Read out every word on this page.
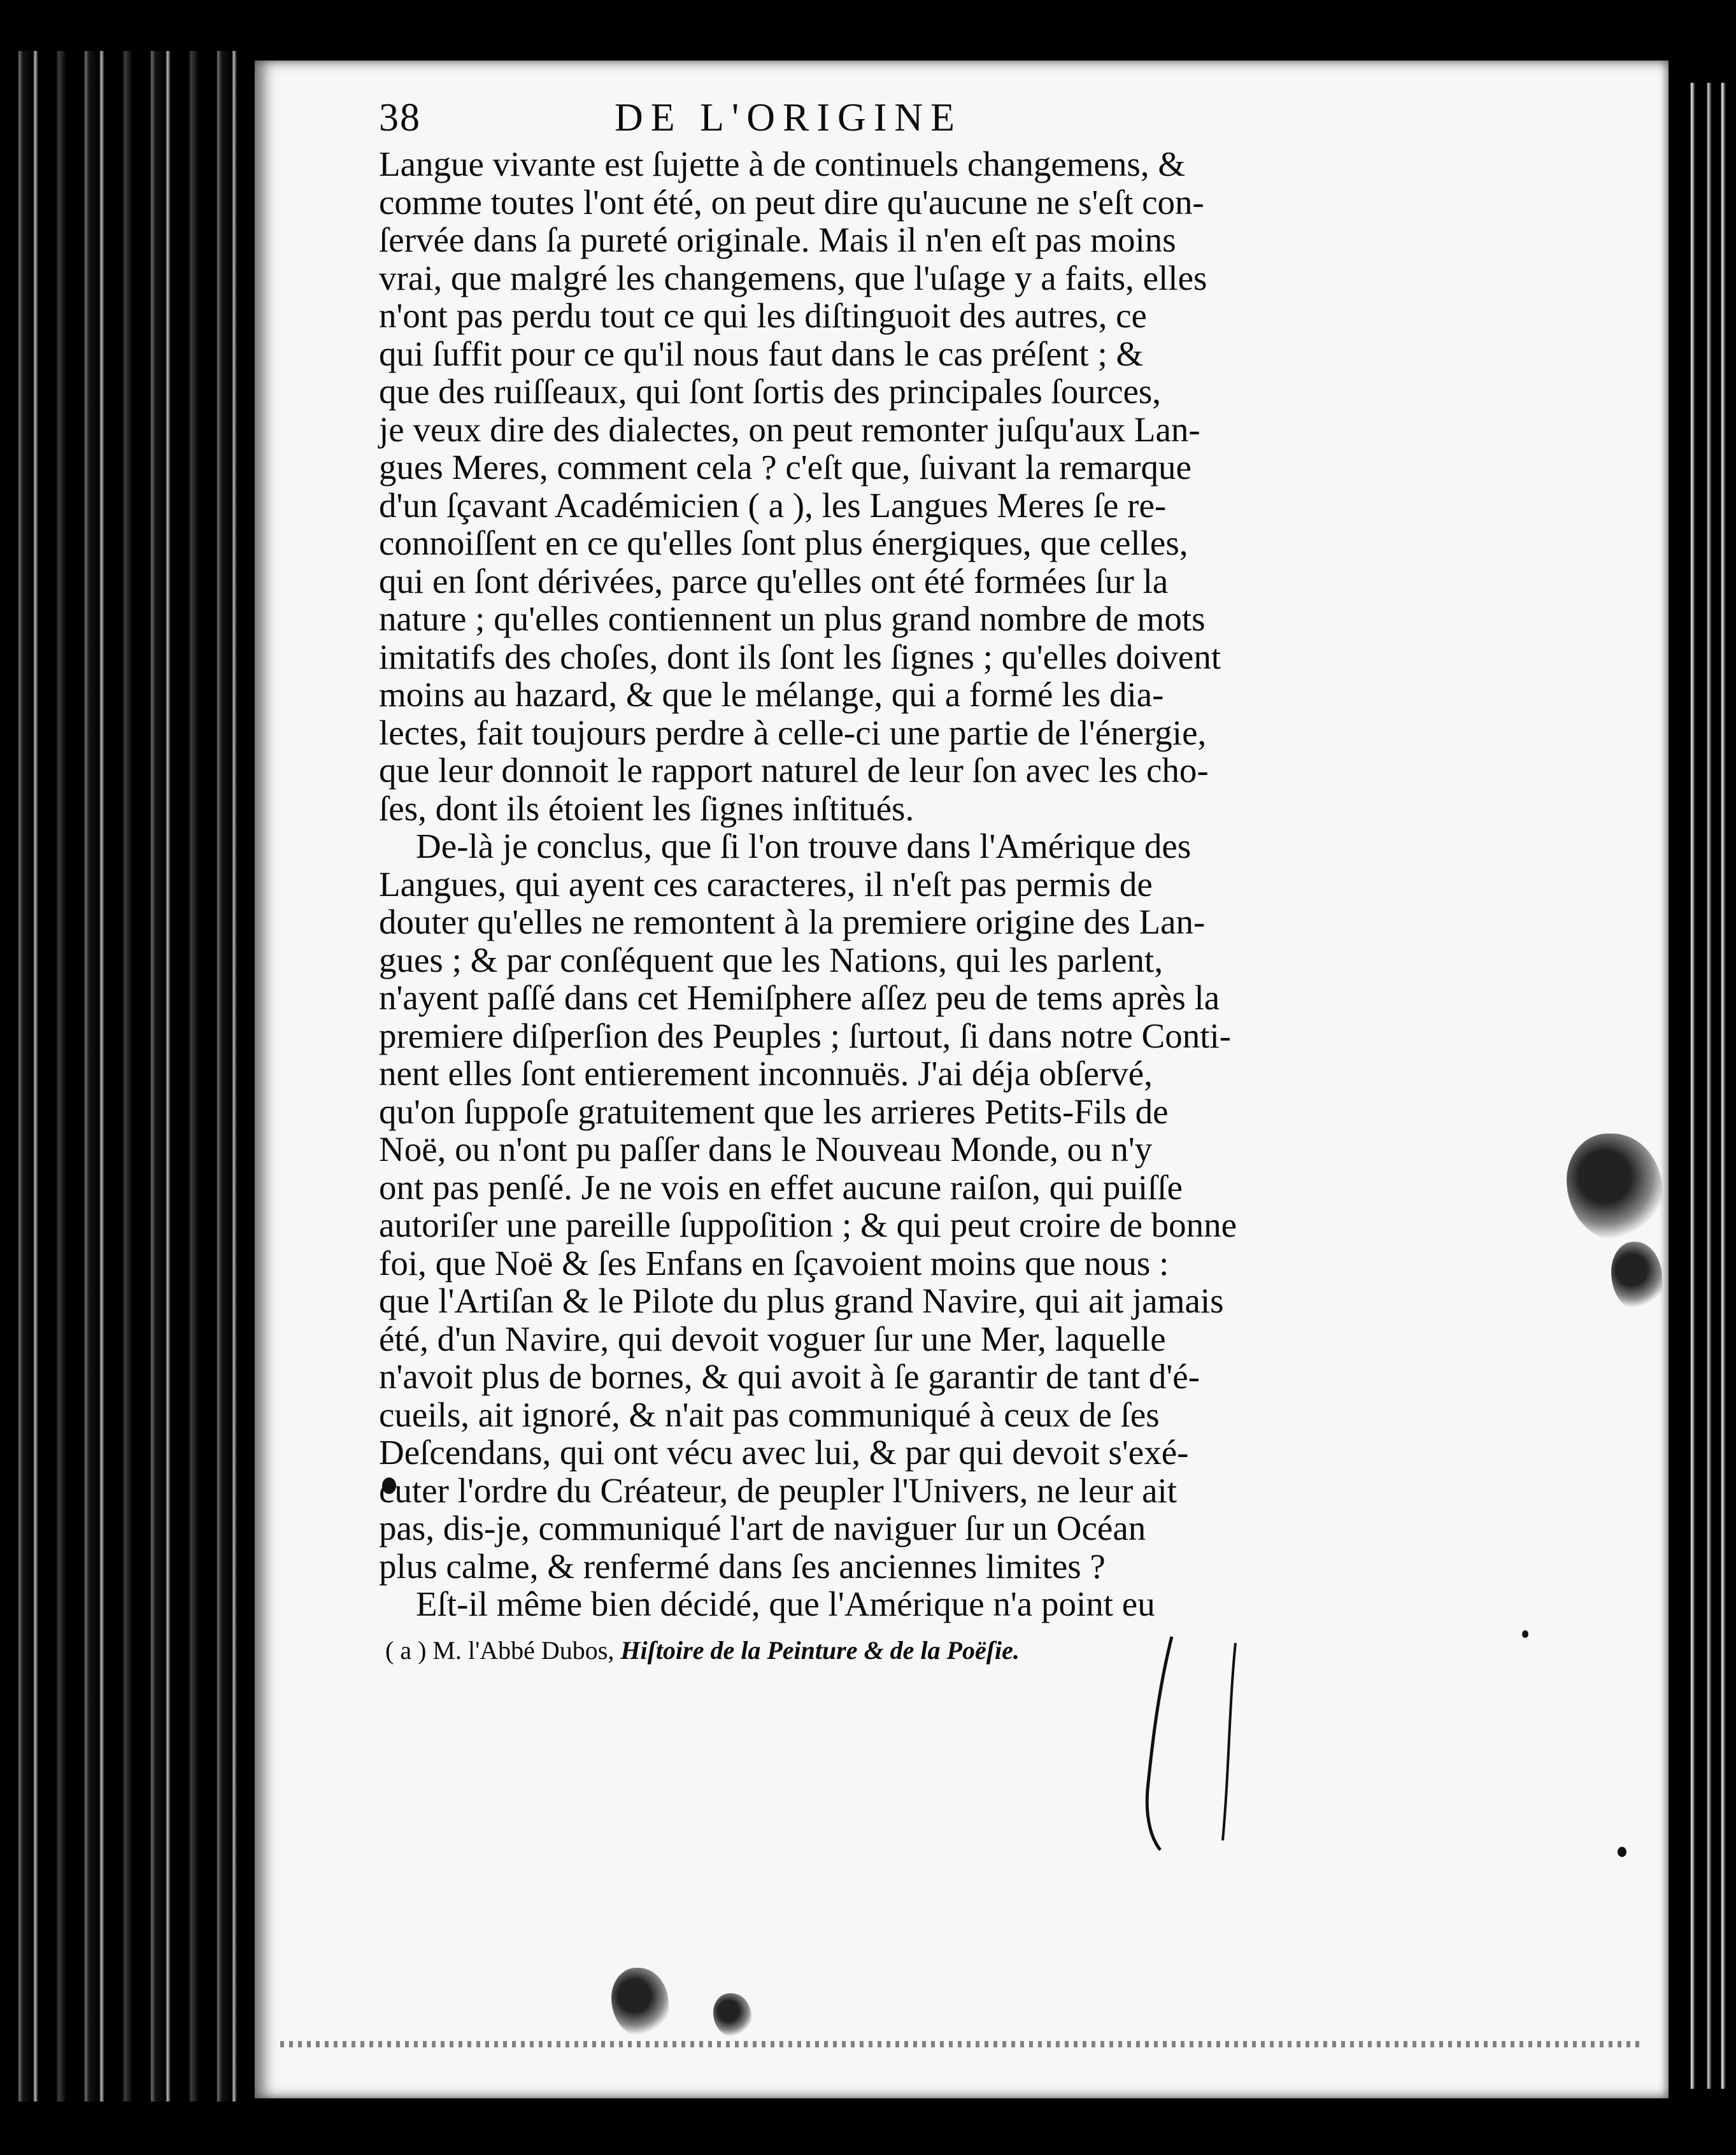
38	DE L'ORIGINE
Langue vivante est ſujette à de continuels changemens, &
comme toutes l'ont été, on peut dire qu'aucune ne s'eſt con-
ſervée dans ſa pureté originale. Mais il n'en eſt pas moins
vrai, que malgré les changemens, que l'uſage y a faits, elles
n'ont pas perdu tout ce qui les diſtinguoit des autres, ce
qui ſuffit pour ce qu'il nous faut dans le cas préſent ; &
que des ruiſſeaux, qui ſont ſortis des principales ſources,
je veux dire des dialectes, on peut remonter juſqu'aux Lan-
gues Meres, comment cela ? c'eſt que, ſuivant la remarque
d'un ſçavant Académicien ( a ), les Langues Meres ſe re-
connoiſſent en ce qu'elles ſont plus énergiques, que celles,
qui en ſont dérivées, parce qu'elles ont été formées ſur la
nature ; qu'elles contiennent un plus grand nombre de mots
imitatifs des choſes, dont ils ſont les ſignes ; qu'elles doivent
moins au hazard, & que le mélange, qui a formé les dia-
lectes, fait toujours perdre à celle-ci une partie de l'énergie,
que leur donnoit le rapport naturel de leur ſon avec les cho-
ſes, dont ils étoient les ſignes inſtitués.
De-là je conclus, que ſi l'on trouve dans l'Amérique des
Langues, qui ayent ces caracteres, il n'eſt pas permis de
douter qu'elles ne remontent à la premiere origine des Lan-
gues ; & par conſéquent que les Nations, qui les parlent,
n'ayent paſſé dans cet Hemiſphere aſſez peu de tems après la
premiere diſperſion des Peuples ; ſurtout, ſi dans notre Conti-
nent elles ſont entierement inconnuës. J'ai déja obſervé,
qu'on ſuppoſe gratuitement que les arrieres Petits-Fils de
Noë, ou n'ont pu paſſer dans le Nouveau Monde, ou n'y
ont pas penſé. Je ne vois en effet aucune raiſon, qui puiſſe
autoriſer une pareille ſuppoſition ; & qui peut croire de bonne
foi, que Noë & ſes Enfans en ſçavoient moins que nous :
que l'Artiſan & le Pilote du plus grand Navire, qui ait jamais
été, d'un Navire, qui devoit voguer ſur une Mer, laquelle
n'avoit plus de bornes, & qui avoit à ſe garantir de tant d'é-
cueils, ait ignoré, & n'ait pas communiqué à ceux de ſes
Deſcendans, qui ont vécu avec lui, & par qui devoit s'exé-
cuter l'ordre du Créateur, de peupler l'Univers, ne leur ait
pas, dis-je, communiqué l'art de naviguer ſur un Océan
plus calme, & renfermé dans ſes anciennes limites ?
Eſt-il même bien décidé, que l'Amérique n'a point eu
( a ) M. l'Abbé Dubos, Hiſtoire de la Peinture & de la Poëſie.
